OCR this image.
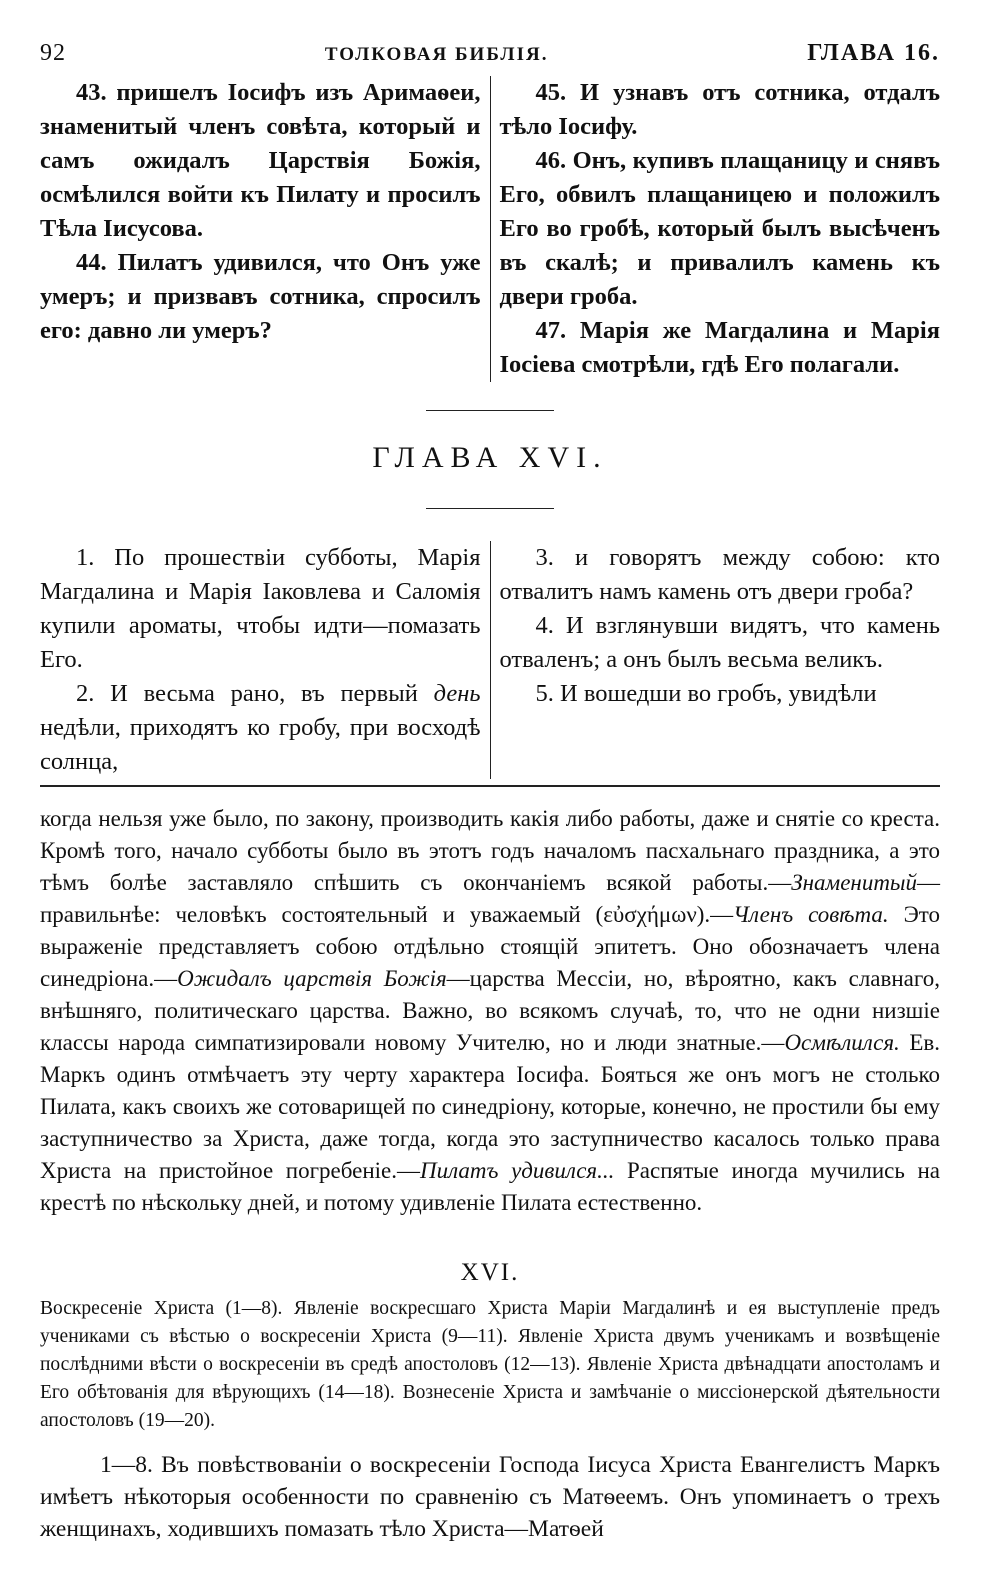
92	ТОЛКОВАЯ БИБЛІЯ.	ГЛАВА 16.

43. пришелъ Іосифъ изъ Аримаѳеи, знаменитый членъ совѣта, который и самъ ожидалъ Царствія Божія, осмѣлился войти къ Пилату и просилъ Тѣла Іисусова.

44. Пилатъ удивился, что Онъ уже умеръ; и призвавъ сотника, спросилъ его: давно ли умеръ?

45. И узнавъ отъ сотника, отдалъ тѣло Іосифу.

46. Онъ, купивъ плащаницу и снявъ Его, обвилъ плащаницею и положилъ Его во гробѣ, который былъ высѣченъ въ скалѣ; и привалилъ камень къ двери гроба.

47. Марія же Магдалина и Марія Іосіева смотрѣли, гдѣ Его полагали.

ГЛАВА XVI.

1. По прошествіи субботы, Марія Магдалина и Марія Іаковлева и Саломія купили ароматы, чтобы идти—помазать Его.

2. И весьма рано, въ первый день недѣли, приходятъ ко гробу, при восходѣ солнца,

3. и говорятъ между собою: кто отвалитъ намъ камень отъ двери гроба?

4. И взглянувши видятъ, что камень отваленъ; а онъ былъ весьма великъ.

5. И вошедши во гробъ, увидѣли

когда нельзя уже было, по закону, производить какія либо работы, даже и снятіе со креста. Кромѣ того, начало субботы было въ этотъ годъ началомъ пасхальнаго праздника, а это тѣмъ болѣе заставляло спѣшить съ окончаніемъ всякой работы.—Знаменитый—правильнѣе: человѣкъ состоятельный и уважаемый (εὐσχήμων).—Членъ совѣта. Это выраженіе представляетъ собою отдѣльно стоящій эпитетъ. Оно обозначаетъ члена синедріона.—Ожидалъ царствія Божія—царства Мессіи, но, вѣроятно, какъ славнаго, внѣшняго, политическаго царства. Важно, во всякомъ случаѣ, то, что не одни низшіе классы народа симпатизировали новому Учителю, но и люди знатные.—Осмѣлился. Ев. Маркъ одинъ отмѣчаетъ эту черту характера Іосифа. Бояться же онъ могъ не столько Пилата, какъ своихъ же сотоварищей по синедріону, которые, конечно, не простили бы ему заступничество за Христа, даже тогда, когда это заступничество касалось только права Христа на пристойное погребеніе.—Пилатъ удивился... Распятые иногда мучились на крестѣ по нѣскольку дней, и потому удивленіе Пилата естественно.

XVI.

Воскресеніе Христа (1—8). Явленіе воскресшаго Христа Маріи Магдалинѣ и ея выступленіе предъ учениками съ вѣстью о воскресеніи Христа (9—11). Явленіе Христа двумъ ученикамъ и возвѣщеніе послѣдними вѣсти о воскресеніи въ средѣ апостоловъ (12—13). Явленіе Христа двѣнадцати апостоламъ и Его обѣтованія для вѣрующихъ (14—18). Вознесеніе Христа и замѣчаніе о миссіонерской дѣятельности апостоловъ (19—20).

1—8. Въ повѣствованіи о воскресеніи Господа Іисуса Христа Евангелистъ Маркъ имѣетъ нѣкоторыя особенности по сравненію съ Матѳеемъ. Онъ упоминаетъ о трехъ женщинахъ, ходившихъ помазать тѣло Христа—Матѳей
